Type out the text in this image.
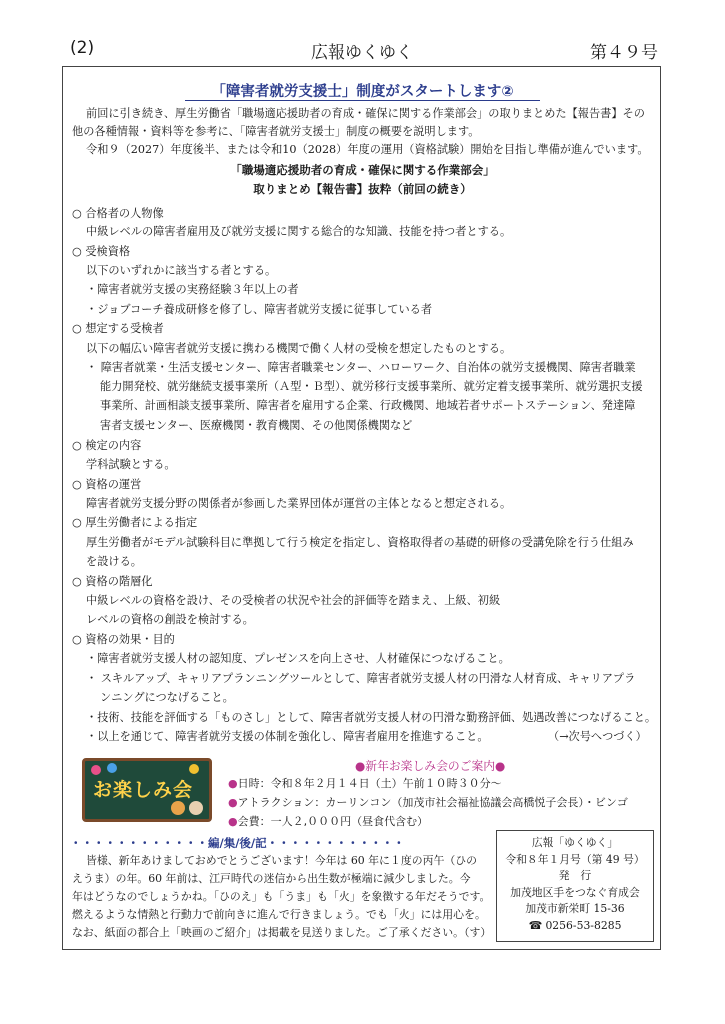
(2)	広報ゆくゆく	第４９号
「障害者就労支援士」制度がスタートします②
前回に引き続き、厚生労働省「職場適応援助者の育成・確保に関する作業部会」の取りまとめた【報告書】その
他の各種情報・資料等を参考に、「障害者就労支援士」制度の概要を説明します。
令和９（2027）年度後半、または令和10（2028）年度の運用（資格試験）開始を目指し準備が進んでいます。
「職場適応援助者の育成・確保に関する作業部会」
取りまとめ【報告書】抜粋（前回の続き）
○ 合格者の人物像
中級レベルの障害者雇用及び就労支援に関する総合的な知識、技能を持つ者とする。
○ 受検資格
以下のいずれかに該当する者とする。
・障害者就労支援の実務経験３年以上の者
・ジョブコーチ養成研修を修了し、障害者就労支援に従事している者
○ 想定する受検者
以下の幅広い障害者就労支援に携わる機関で働く人材の受検を想定したものとする。
・ 障害者就業・生活支援センター、障害者職業センター、ハローワーク、自治体の就労支援機関、障害者職業
能力開発校、就労継続支援事業所（Ａ型・Ｂ型）、就労移行支援事業所、就労定着支援事業所、就労選択支援
事業所、計画相談支援事業所、障害者を雇用する企業、行政機関、地域若者サポートステーション、発達障
害者支援センター、医療機関・教育機関、その他関係機関など
○ 検定の内容
学科試験とする。
○ 資格の運営
障害者就労支援分野の関係者が参画した業界団体が運営の主体となると想定される。
○ 厚生労働者による指定
厚生労働者がモデル試験科目に準拠して行う検定を指定し、資格取得者の基礎的研修の受講免除を行う仕組み
を設ける。
○ 資格の階層化
中級レベルの資格を設け、その受検者の状況や社会的評価等を踏まえ、上級、初級
レベルの資格の創設を検討する。
○ 資格の効果・目的
・障害者就労支援人材の認知度、プレゼンスを向上させ、人材確保につなげること。
・ スキルアップ、キャリアプランニングツールとして、障害者就労支援人材の円滑な人材育成、キャリアプラ
ンニングにつなげること。
・技術、技能を評価する「ものさし」として、障害者就労支援人材の円滑な勤務評価、処遇改善につなげること。
・以上を通じて、障害者就労支援の体制を強化し、障害者雇用を推進すること。	（→次号へつづく）
お楽しみ会
●新年お楽しみ会のご案内●
●日時：令和８年２月１４日（土）午前１０時３０分～
●アトラクション：カーリンコン（加茂市社会福祉協議会高橋悦子会長）・ビンゴ
●会費：一人２,０００円（昼食代含む）
・・・・・・・・・・・・編/集/後/記・・・・・・・・・・・・
皆様、新年あけましておめでとうございます！今年は 60 年に１度の丙午（ひの
えうま）の年。60 年前は、江戸時代の迷信から出生数が極端に減少しました。今
年はどうなのでしょうかね。「ひのえ」も「うま」も「火」を象徴する年だそうです。
燃えるような情熱と行動力で前向きに進んで行きましょう。でも「火」には用心を。
なお、紙面の都合上「映画のご紹介」は掲載を見送りました。ご了承ください。（す）
広報「ゆくゆく」
令和８年１月号（第 49 号）
発　行
加茂地区手をつなぐ育成会
加茂市新栄町 15-36
☎ 0256-53-8285
